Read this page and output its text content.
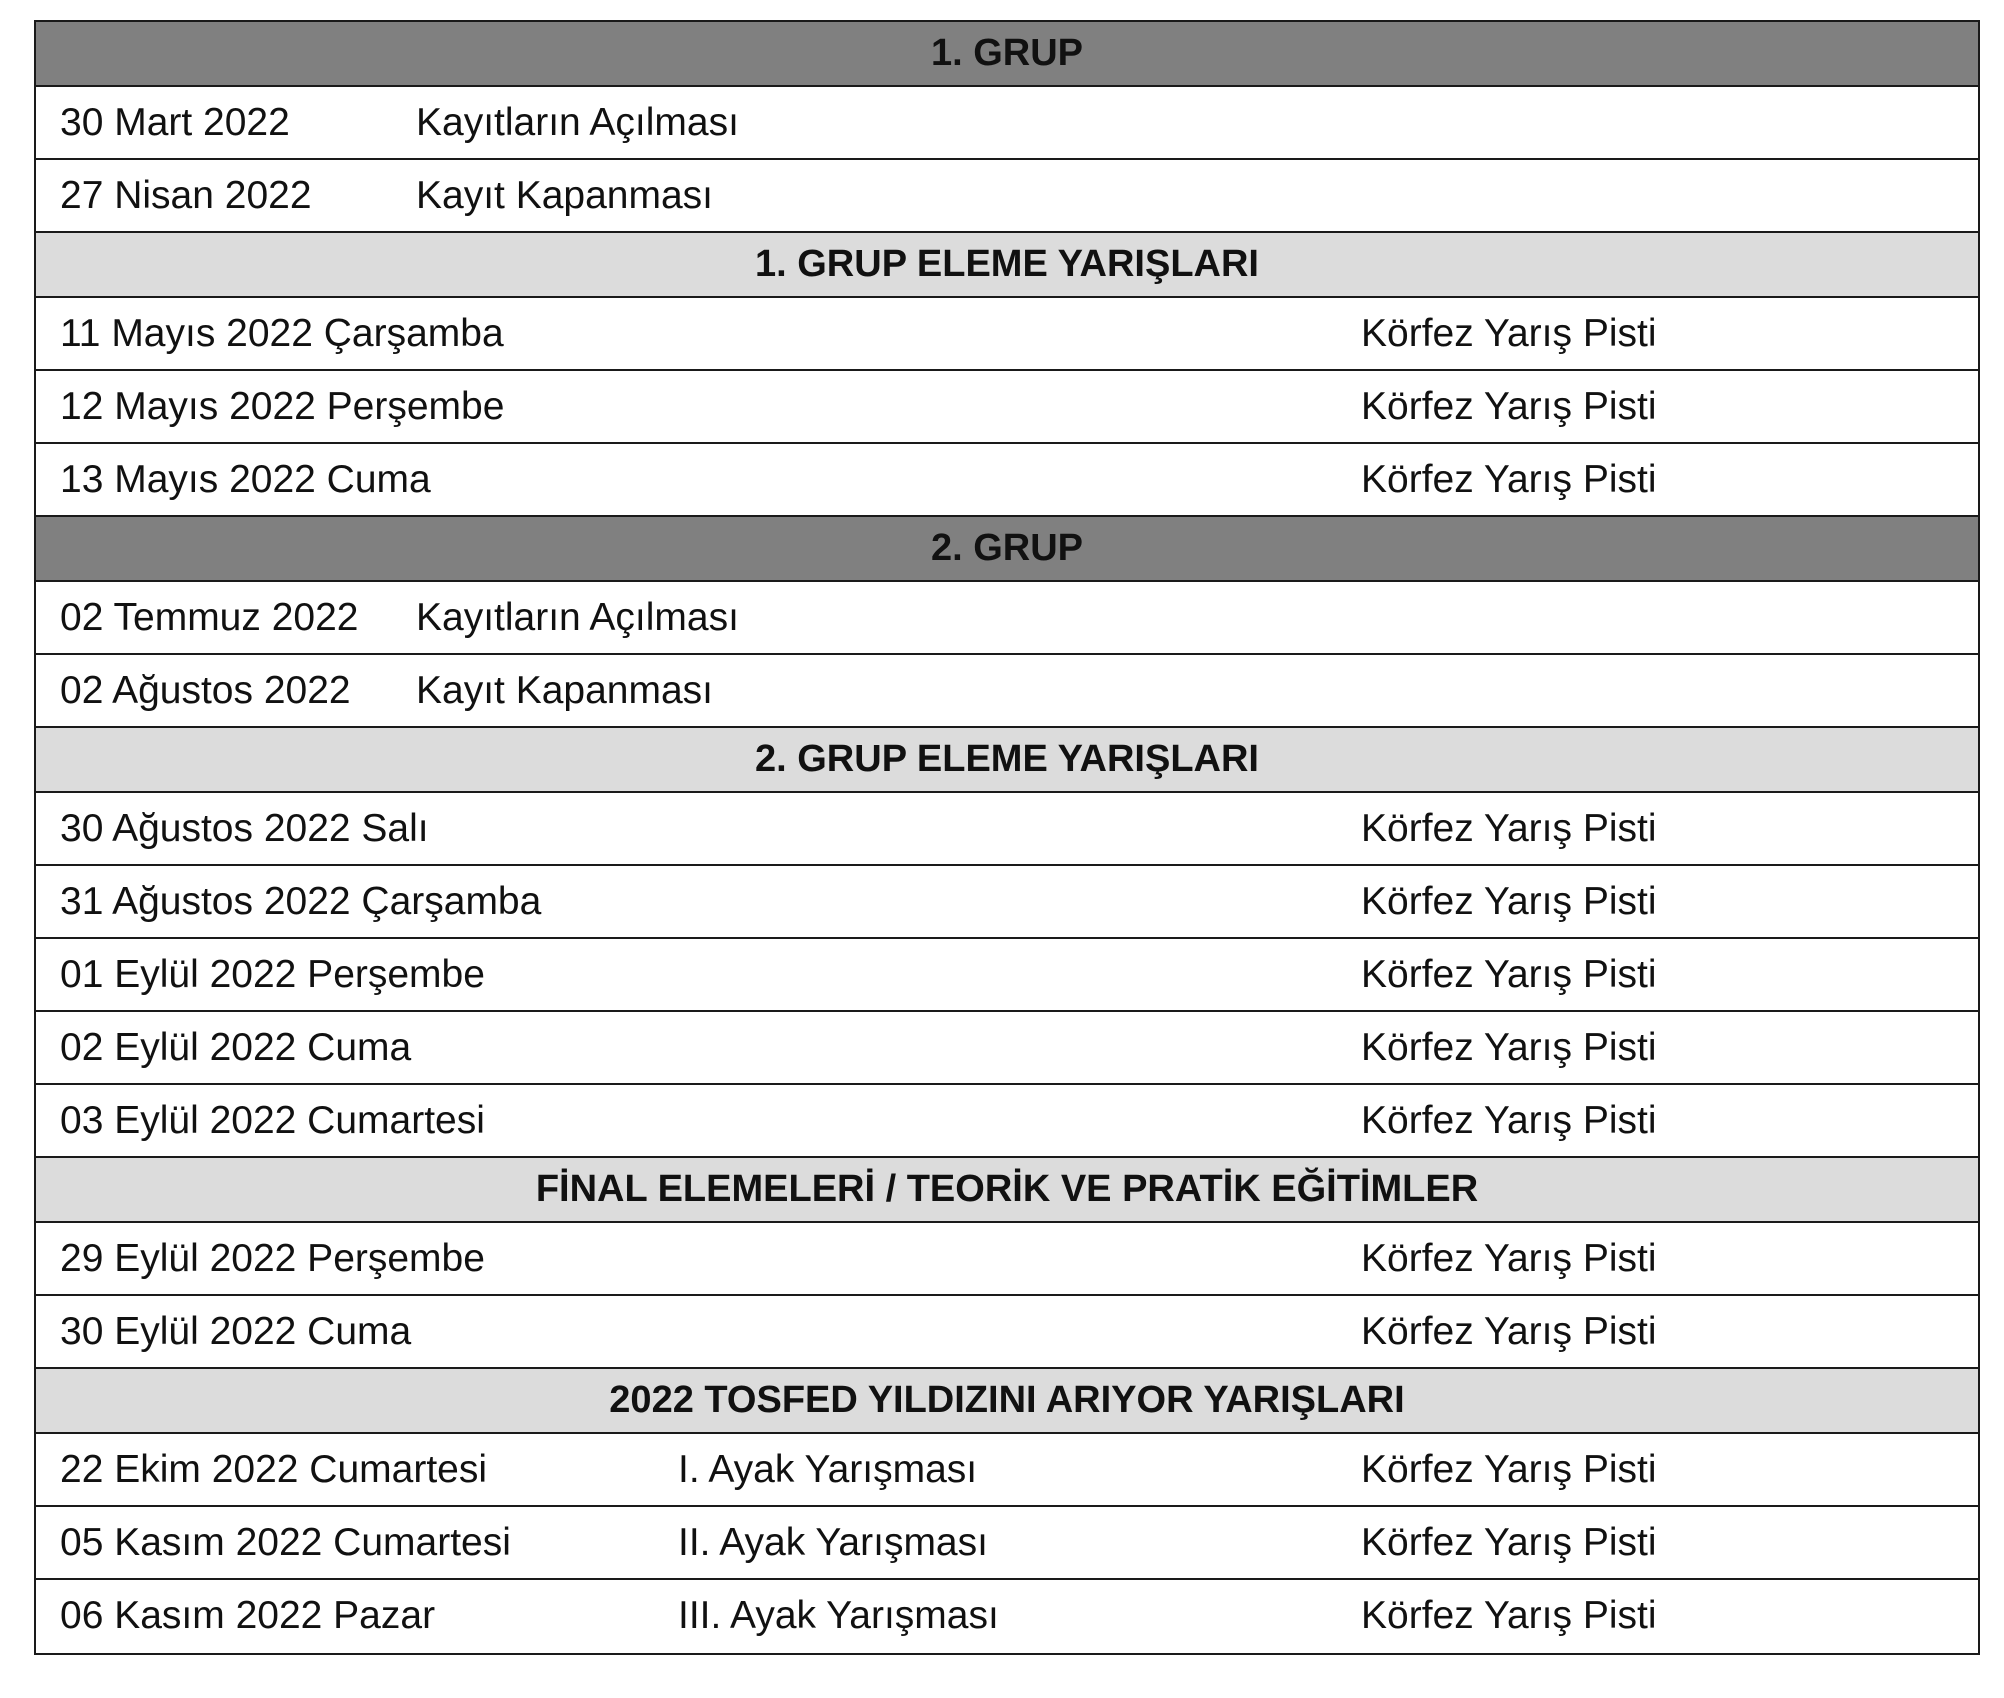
1. GRUP
30 Mart 2022	Kayıtların Açılması
27 Nisan 2022	Kayıt Kapanması
1. GRUP ELEME YARIŞLARI
11 Mayıs 2022 Çarşamba	Körfez Yarış Pisti
12 Mayıs 2022 Perşembe	Körfez Yarış Pisti
13 Mayıs 2022 Cuma	Körfez Yarış Pisti
2. GRUP
02 Temmuz 2022 Kayıtların Açılması
02 Ağustos 2022 Kayıt Kapanması
2. GRUP ELEME YARIŞLARI
30 Ağustos 2022 Salı	Körfez Yarış Pisti
31 Ağustos 2022 Çarşamba	Körfez Yarış Pisti
01 Eylül 2022 Perşembe	Körfez Yarış Pisti
02 Eylül 2022 Cuma	Körfez Yarış Pisti
03 Eylül 2022 Cumartesi	Körfez Yarış Pisti
FİNAL ELEMELERİ / TEORİK VE PRATİK EĞİTİMLER
29 Eylül 2022 Perşembe	Körfez Yarış Pisti
30 Eylül 2022 Cuma	Körfez Yarış Pisti
2022 TOSFED YILDIZINI ARIYOR YARIŞLARI
22 Ekim 2022 Cumartesi	I. Ayak Yarışması	Körfez Yarış Pisti
05 Kasım 2022 Cumartesi	II. Ayak Yarışması	Körfez Yarış Pisti
06 Kasım 2022 Pazar	III. Ayak Yarışması	Körfez Yarış Pisti
